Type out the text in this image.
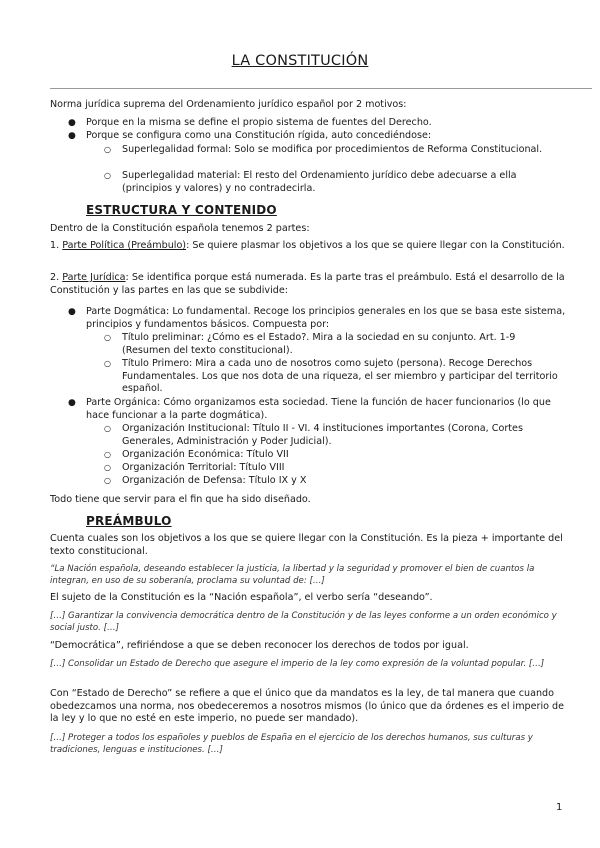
LA CONSTITUCIÓN
Norma jurídica suprema del Ordenamiento jurídico español por 2 motivos:
● Porque en la misma se define el propio sistema de fuentes del Derecho.
● Porque se configura como una Constitución rígida, auto concediéndose:
○ Superlegalidad formal: Solo se modifica por procedimientos de Reforma Constitucional.
○ Superlegalidad material: El resto del Ordenamiento jurídico debe adecuarse a ella (principios y valores) y no contradecirla.
ESTRUCTURA Y CONTENIDO
Dentro de la Constitución española tenemos 2 partes:
1. Parte Política (Preámbulo): Se quiere plasmar los objetivos a los que se quiere llegar con la Constitución.
2. Parte Jurídica: Se identifica porque está numerada. Es la parte tras el preámbulo. Está el desarrollo de la Constitución y las partes en las que se subdivide:
● Parte Dogmática: Lo fundamental. Recoge los principios generales en los que se basa este sistema, principios y fundamentos básicos. Compuesta por:
○ Título preliminar: ¿Cómo es el Estado?. Mira a la sociedad en su conjunto. Art. 1-9 (Resumen del texto constitucional).
○ Título Primero: Mira a cada uno de nosotros como sujeto (persona). Recoge Derechos Fundamentales. Los que nos dota de una riqueza, el ser miembro y participar del territorio español.
● Parte Orgánica: Cómo organizamos esta sociedad. Tiene la función de hacer funcionarios (lo que hace funcionar a la parte dogmática).
○ Organización Institucional: Título II - VI. 4 instituciones importantes (Corona, Cortes Generales, Administración y Poder Judicial).
○ Organización Económica: Título VII
○ Organización Territorial: Título VIII
○ Organización de Defensa: Título IX y X
Todo tiene que servir para el fin que ha sido diseñado.
PREÁMBULO
Cuenta cuales son los objetivos a los que se quiere llegar con la Constitución. Es la pieza + importante del texto constitucional.
“La Nación española, deseando establecer la justicia, la libertad y la seguridad y promover el bien de cuantos la integran, en uso de su soberanía, proclama su voluntad de: […]
El sujeto de la Constitución es la “Nación española”, el verbo sería “deseando”.
[…] Garantizar la convivencia democrática dentro de la Constitución y de las leyes conforme a un orden económico y social justo. […]
“Democrática”, refiriéndose a que se deben reconocer los derechos de todos por igual.
[…] Consolidar un Estado de Derecho que asegure el imperio de la ley como expresión de la voluntad popular. […]
Con “Estado de Derecho” se refiere a que el único que da mandatos es la ley, de tal manera que cuando obedezcamos una norma, nos obedeceremos a nosotros mismos (lo único que da órdenes es el imperio de la ley y lo que no esté en este imperio, no puede ser mandado).
[…] Proteger a todos los españoles y pueblos de España en el ejercicio de los derechos humanos, sus culturas y tradiciones, lenguas e instituciones. […]
1
